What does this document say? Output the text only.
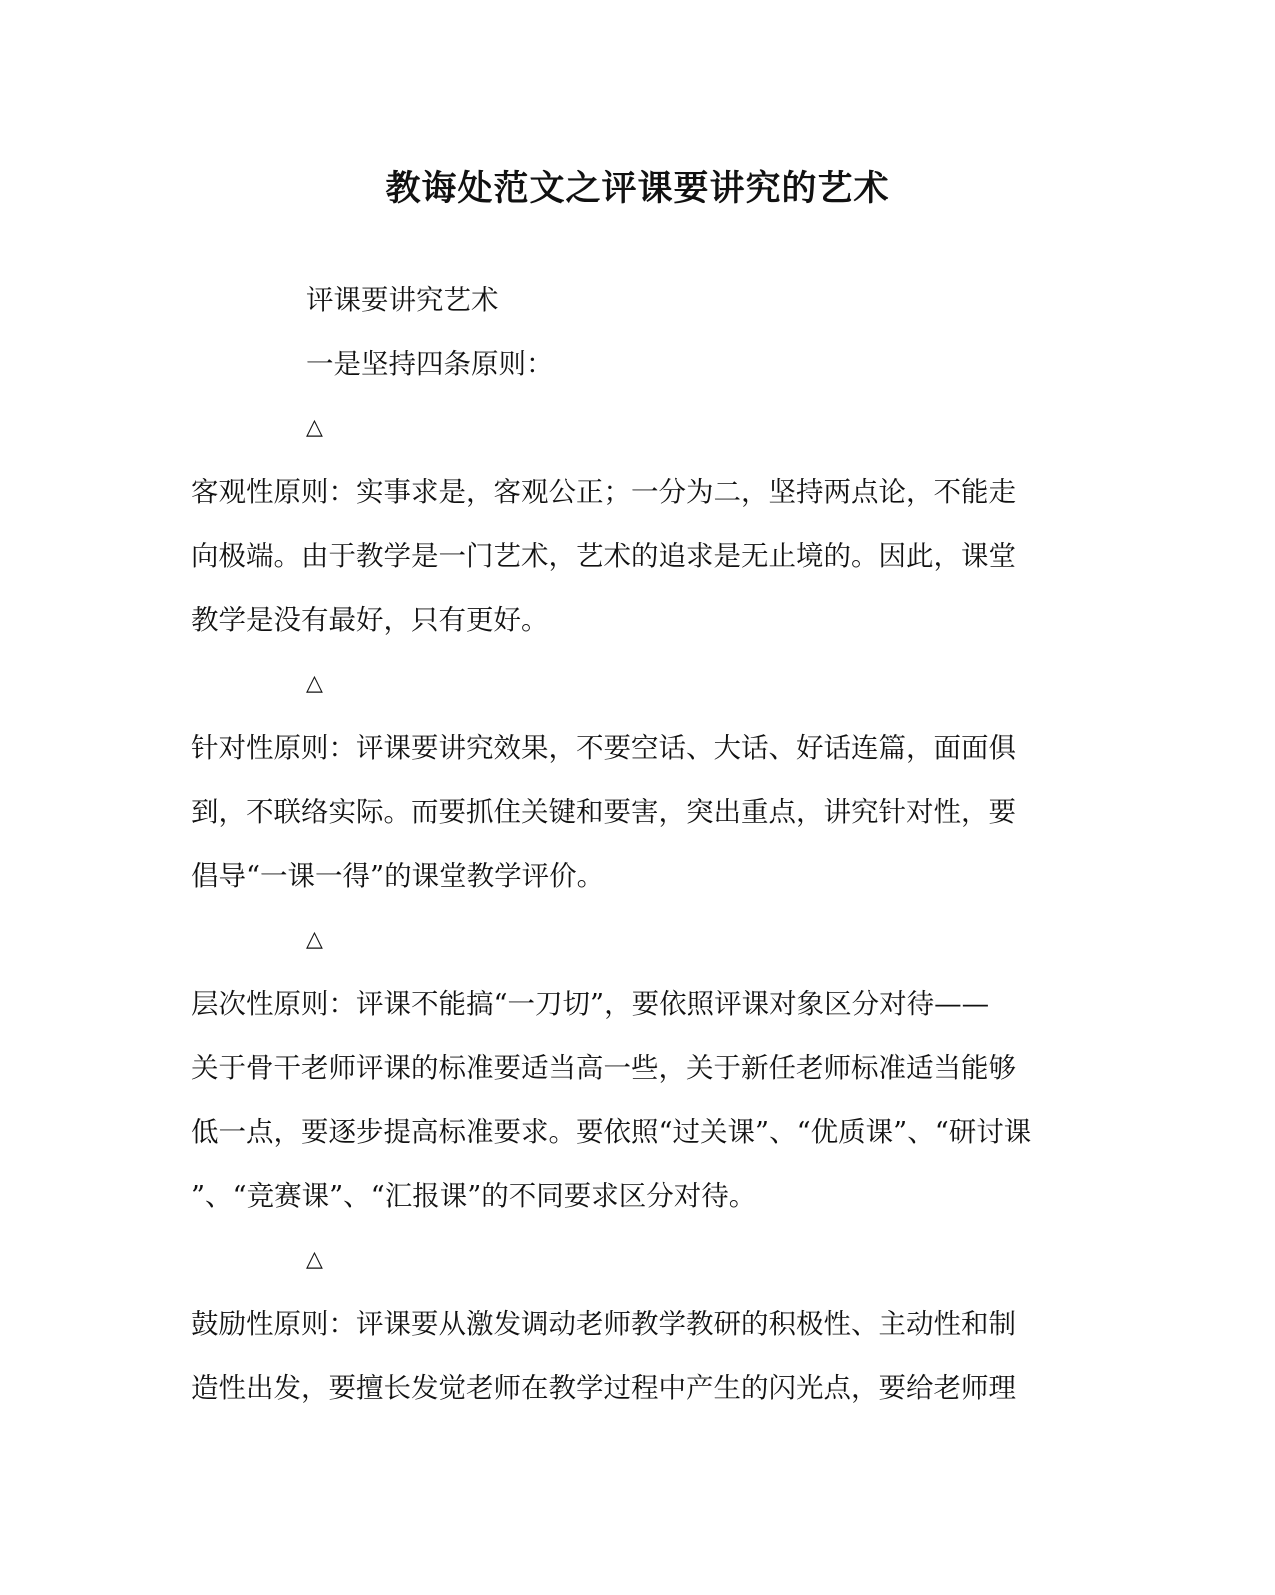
教诲处范文之评课要讲究的艺术
评课要讲究艺术
一是坚持四条原则：
△
客观性原则：实事求是，客观公正；一分为二，坚持两点论，不能走
向极端。由于教学是一门艺术，艺术的追求是无止境的。因此，课堂
教学是没有最好，只有更好。
△
针对性原则：评课要讲究效果，不要空话、大话、好话连篇，面面俱
到，不联络实际。而要抓住关键和要害，突出重点，讲究针对性，要
倡导“一课一得”的课堂教学评价。
△
层次性原则：评课不能搞“一刀切”，要依照评课对象区分对待——
关于骨干老师评课的标准要适当高一些，关于新任老师标准适当能够
低一点，要逐步提高标准要求。要依照“过关课”、“优质课”、“研讨课
”、“竞赛课”、“汇报课”的不同要求区分对待。
△
鼓励性原则：评课要从激发调动老师教学教研的积极性、主动性和制
造性出发，要擅长发觉老师在教学过程中产生的闪光点，要给老师理
